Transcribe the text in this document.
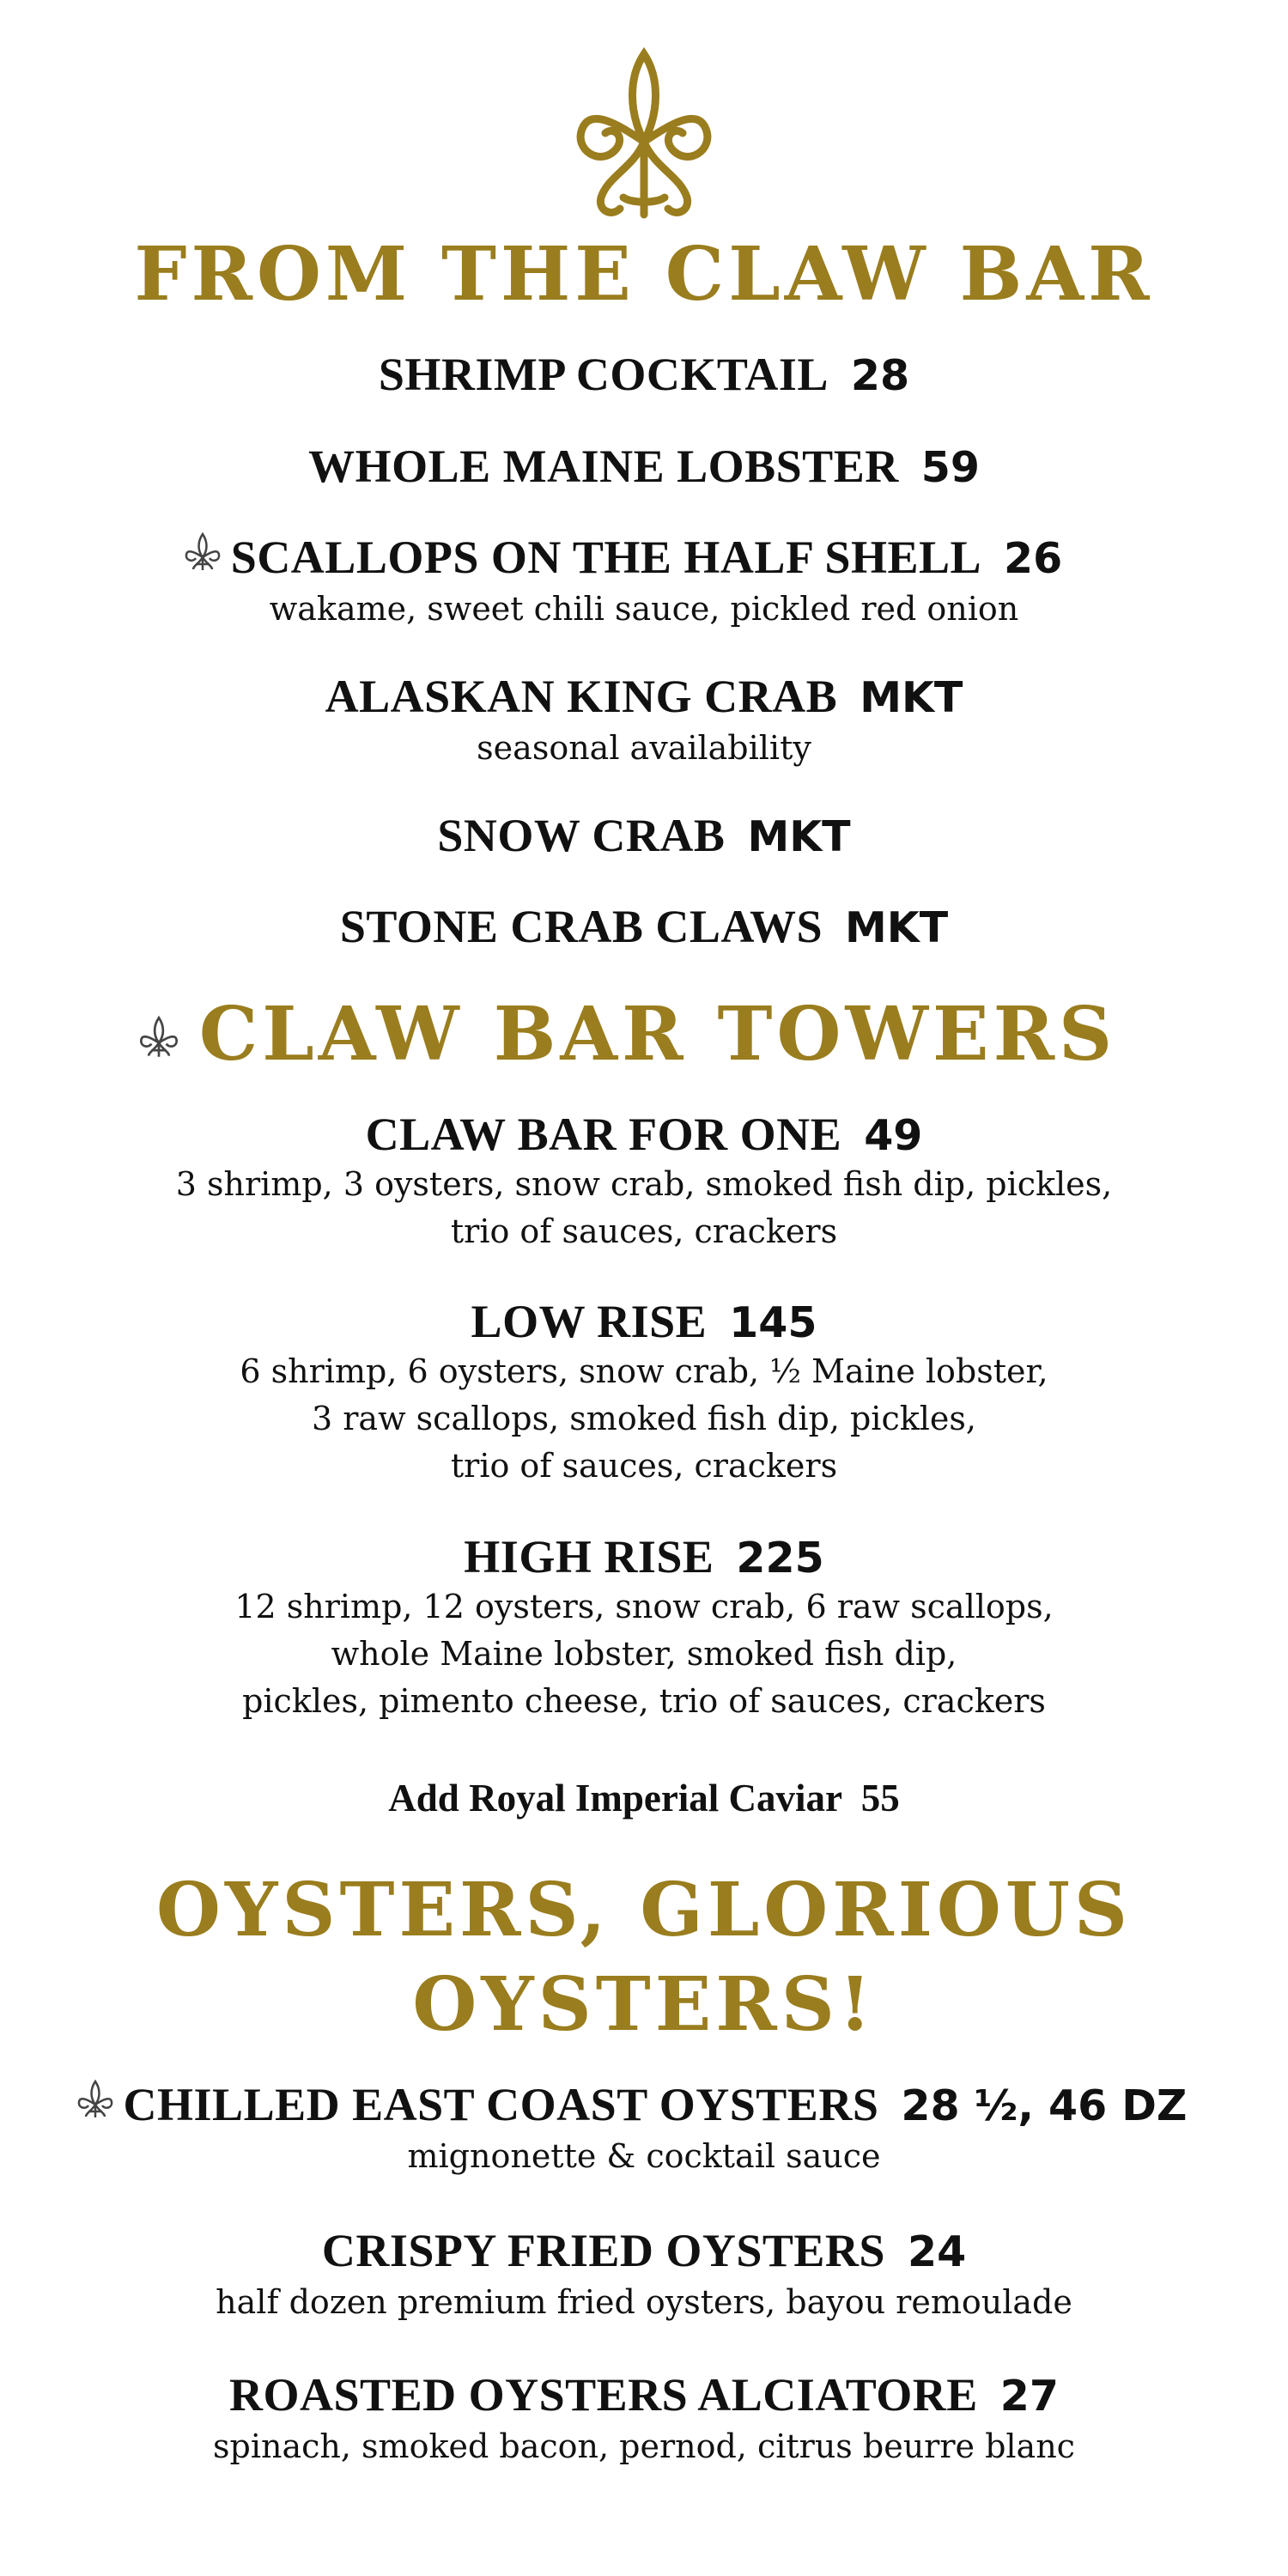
FROM THE CLAW BAR
SHRIMP COCKTAIL 28
WHOLE MAINE LOBSTER 59
SCALLOPS ON THE HALF SHELL 26
wakame, sweet chili sauce, pickled red onion
ALASKAN KING CRAB MKT
seasonal availability
SNOW CRAB MKT
STONE CRAB CLAWS MKT
CLAW BAR TOWERS
CLAW BAR FOR ONE 49
3 shrimp, 3 oysters, snow crab, smoked fish dip, pickles,
trio of sauces, crackers
LOW RISE 145
6 shrimp, 6 oysters, snow crab, ½ Maine lobster,
3 raw scallops, smoked fish dip, pickles,
trio of sauces, crackers
HIGH RISE 225
12 shrimp, 12 oysters, snow crab, 6 raw scallops,
whole Maine lobster, smoked fish dip,
pickles, pimento cheese, trio of sauces, crackers
Add Royal Imperial Caviar 55
OYSTERS, GLORIOUS
OYSTERS!
CHILLED EAST COAST OYSTERS 28 ½, 46 DZ
mignonette & cocktail sauce
CRISPY FRIED OYSTERS 24
half dozen premium fried oysters, bayou remoulade
ROASTED OYSTERS ALCIATORE 27
spinach, smoked bacon, pernod, citrus beurre blanc
